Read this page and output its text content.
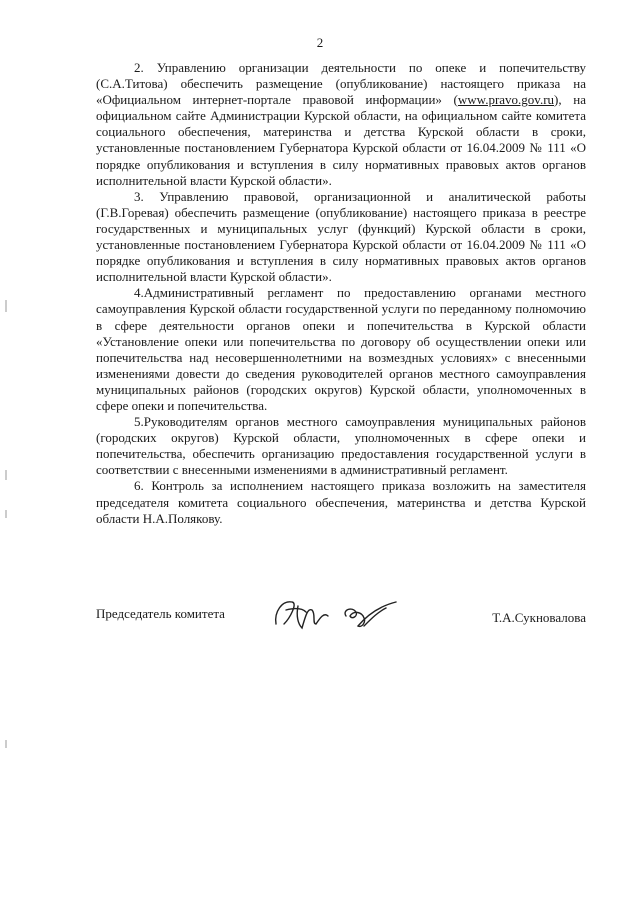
2

2. Управлению организации деятельности по опеке и попечительству (С.А.Титова) обеспечить размещение (опубликование) настоящего приказа на «Официальном интернет-портале правовой информации» (www.pravo.gov.ru), на официальном сайте Администрации Курской области, на официальном сайте комитета социального обеспечения, материнства и детства Курской области в сроки, установленные постановлением Губернатора Курской области от 16.04.2009 № 111 «О порядке опубликования и вступления в силу нормативных правовых актов органов исполнительной власти Курской области».

3. Управлению правовой, организационной и аналитической работы (Г.В.Горевая) обеспечить размещение (опубликование) настоящего приказа в реестре государственных и муниципальных услуг (функций) Курской области в сроки, установленные постановлением Губернатора Курской области от 16.04.2009 № 111 «О порядке опубликования и вступления в силу нормативных правовых актов органов исполнительной власти Курской области».

4.Административный регламент по предоставлению органами местного самоуправления Курской области государственной услуги по переданному полномочию в сфере деятельности органов опеки и попечительства в Курской области «Установление опеки или попечительства по договору об осуществлении опеки или попечительства над несовершеннолетними на возмездных условиях» с внесенными изменениями довести до сведения руководителей органов местного самоуправления муниципальных районов (городских округов) Курской области, уполномоченных в сфере опеки и попечительства.

5.Руководителям органов местного самоуправления муниципальных районов (городских округов) Курской области, уполномоченных в сфере опеки и попечительства, обеспечить организацию предоставления государственной услуги в соответствии с внесенными изменениями в административный регламент.

6. Контроль за исполнением настоящего приказа возложить на заместителя председателя комитета социального обеспечения, материнства и детства Курской области Н.А.Полякову.

Председатель комитета	Т.А.Сукновалова
